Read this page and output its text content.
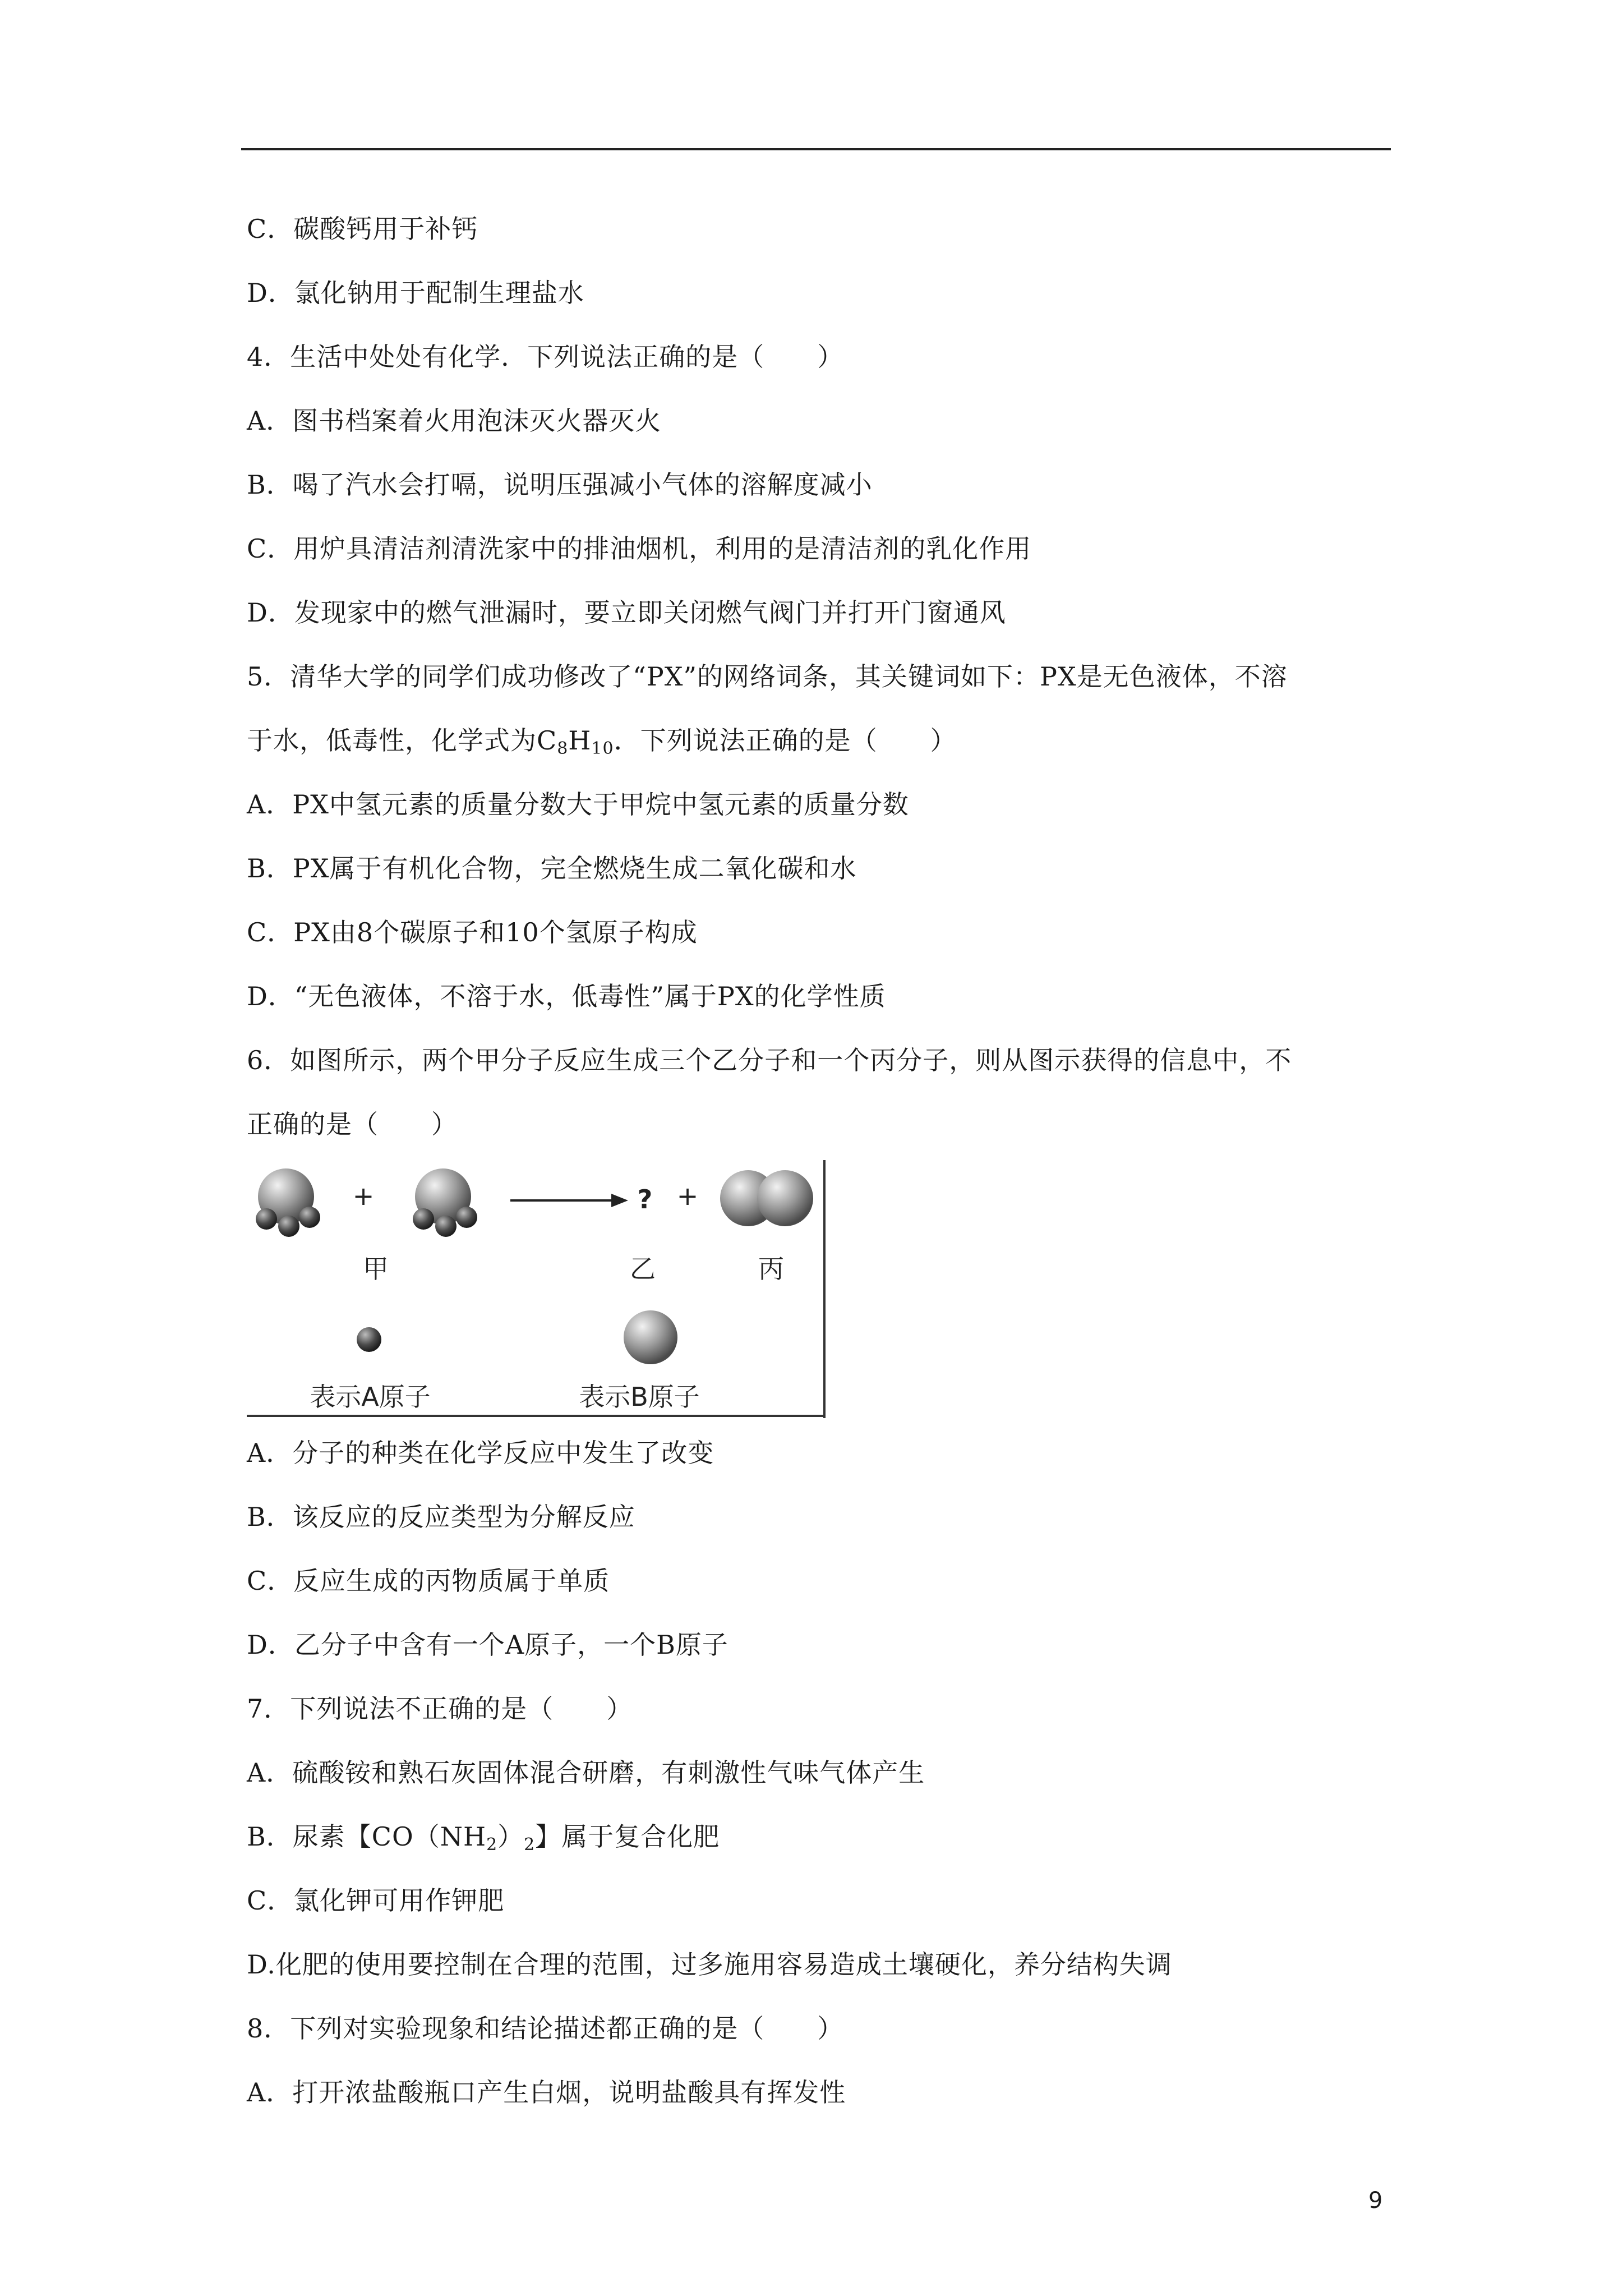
C．碳酸钙用于补钙
D．氯化钠用于配制生理盐水
4．生活中处处有化学．下列说法正确的是（　　）
A．图书档案着火用泡沫灭火器灭火
B．喝了汽水会打嗝，说明压强减小气体的溶解度减小
C．用炉具清洁剂清洗家中的排油烟机，利用的是清洁剂的乳化作用
D．发现家中的燃气泄漏时，要立即关闭燃气阀门并打开门窗通风
5．清华大学的同学们成功修改了“PX”的网络词条，其关键词如下：PX是无色液体，不溶
于水，低毒性，化学式为$C_8H_{10}$．下列说法正确的是（　　）
A．PX中氢元素的质量分数大于甲烷中氢元素的质量分数
B．PX属于有机化合物，完全燃烧生成二氧化碳和水
C．PX由8个碳原子和10个氢原子构成
D．“无色液体，不溶于水，低毒性”属于PX的化学性质
6．如图所示，两个甲分子反应生成三个乙分子和一个丙分子，则从图示获得的信息中，不
正确的是（　　）
+	? +
甲	乙	丙
表示A原子	表示B原子
A．分子的种类在化学反应中发生了改变
B．该反应的反应类型为分解反应
C．反应生成的丙物质属于单质
D．乙分子中含有一个A原子，一个B原子
7．下列说法不正确的是（　　）
A．硫酸铵和熟石灰固体混合研磨，有刺激性气味气体产生
B．尿素【$CO(NH_2)_2$】属于复合化肥
C．氯化钾可用作钾肥
D.化肥的使用要控制在合理的范围，过多施用容易造成土壤硬化，养分结构失调
8．下列对实验现象和结论描述都正确的是（　　）
A．打开浓盐酸瓶口产生白烟，说明盐酸具有挥发性
9
